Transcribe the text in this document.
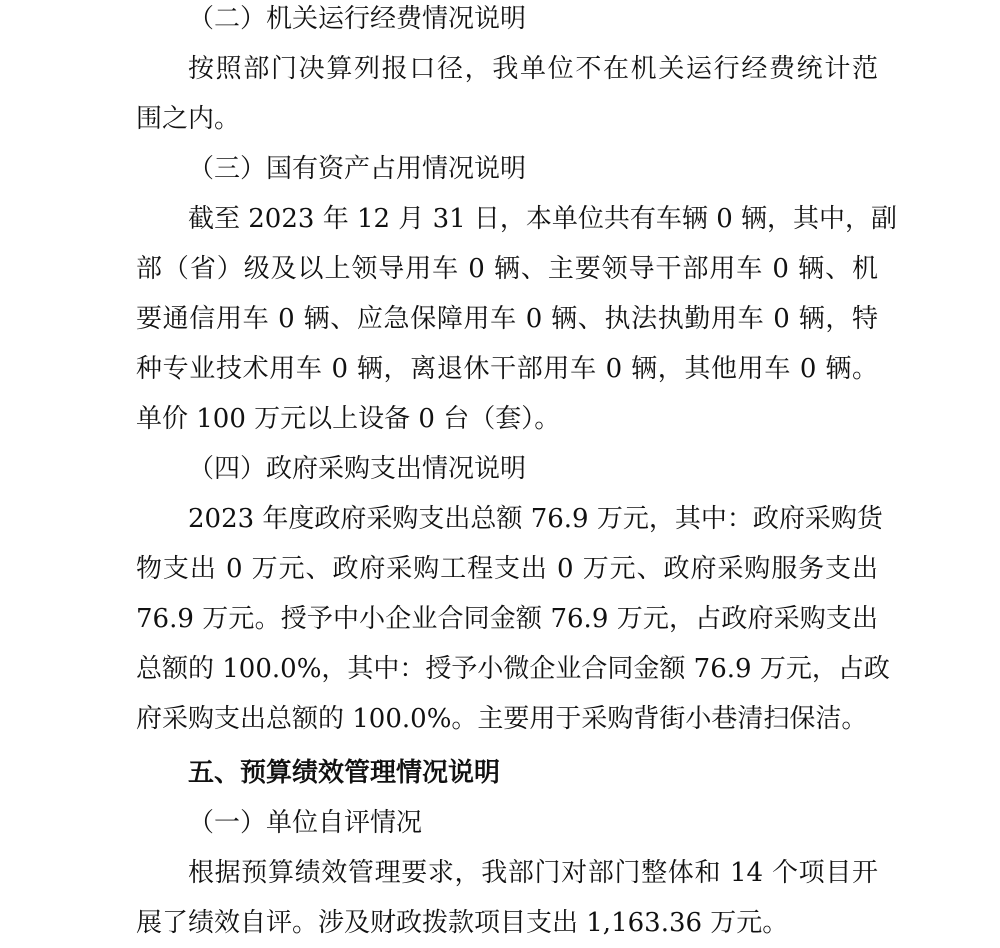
（二）机关运行经费情况说明
按照部门决算列报口径，我单位不在机关运行经费统计范
围之内。
（三）国有资产占用情况说明
截至 2023 年 12 月 31 日，本单位共有车辆 0 辆，其中，副
部（省）级及以上领导用车 0 辆、主要领导干部用车 0 辆、机
要通信用车 0 辆、应急保障用车 0 辆、执法执勤用车 0 辆，特
种专业技术用车 0 辆，离退休干部用车 0 辆，其他用车 0 辆。
单价 100 万元以上设备 0 台（套）。
（四）政府采购支出情况说明
2023 年度政府采购支出总额 76.9 万元，其中：政府采购货
物支出 0 万元、政府采购工程支出 0 万元、政府采购服务支出
76.9 万元。授予中小企业合同金额 76.9 万元，占政府采购支出
总额的 100.0%，其中：授予小微企业合同金额 76.9 万元，占政
府采购支出总额的 100.0%。主要用于采购背街小巷清扫保洁。
五、预算绩效管理情况说明
（一）单位自评情况
根据预算绩效管理要求，我部门对部门整体和 14 个项目开
展了绩效自评。涉及财政拨款项目支出 1,163.36 万元。
